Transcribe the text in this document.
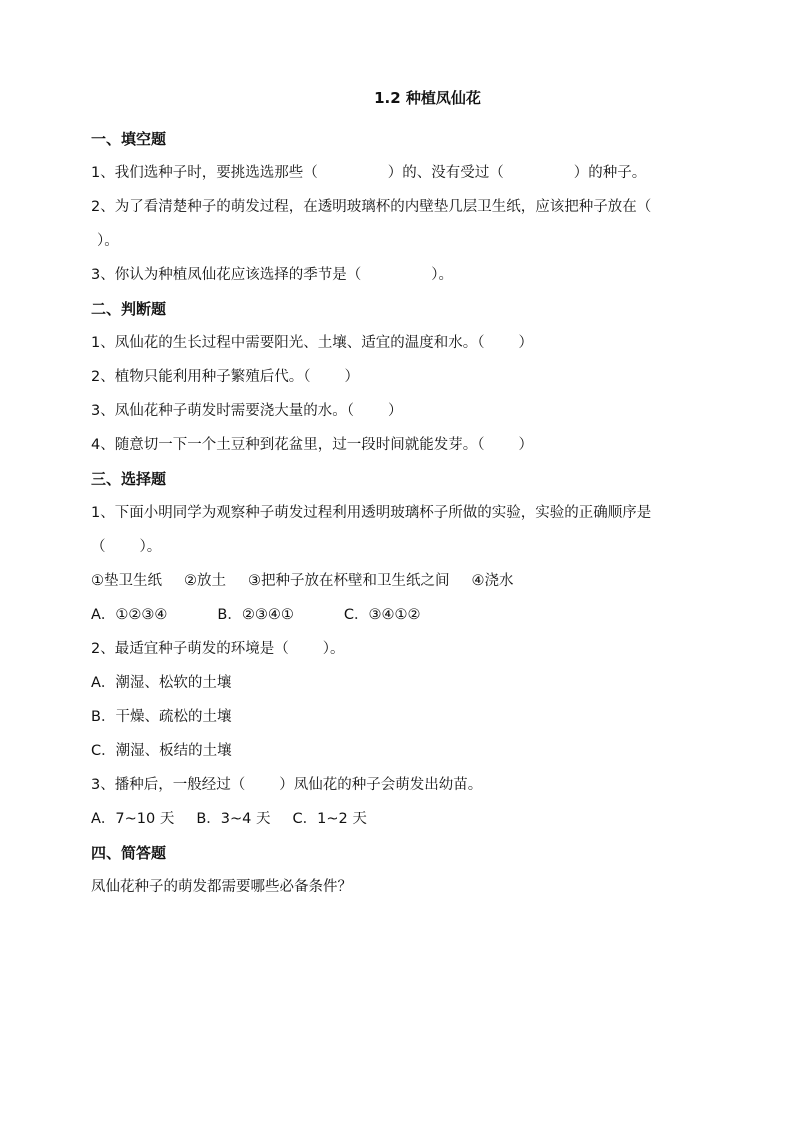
1.2 种植凤仙花
一、填空题
1、我们选种子时，要挑选选那些（	）的、没有受过（	）的种子。
2、为了看清楚种子的萌发过程，在透明玻璃杯的内壁垫几层卫生纸，应该把种子放在（
）。
3、你认为种植凤仙花应该选择的季节是（	）。
二、判断题
1、凤仙花的生长过程中需要阳光、土壤、适宜的温度和水。（ ）
2、植物只能利用种子繁殖后代。（ ）
3、凤仙花种子萌发时需要浇大量的水。（ ）
4、随意切一下一个土豆种到花盆里，过一段时间就能发芽。（ ）
三、选择题
1、下面小明同学为观察种子萌发过程利用透明玻璃杯子所做的实验，实验的正确顺序是
（ ）。
①垫卫生纸 ②放土 ③把种子放在杯壁和卫生纸之间 ④浇水
A．①②③④	B．②③④①	C．③④①②
2、最适宜种子萌发的环境是（ ）。
A．潮湿、松软的土壤
B．干燥、疏松的土壤
C．潮湿、板结的土壤
3、播种后，一般经过（ ）凤仙花的种子会萌发出幼苗。
A．7~10 天 B．3~4 天 C．1~2 天
四、简答题
凤仙花种子的萌发都需要哪些必备条件？
